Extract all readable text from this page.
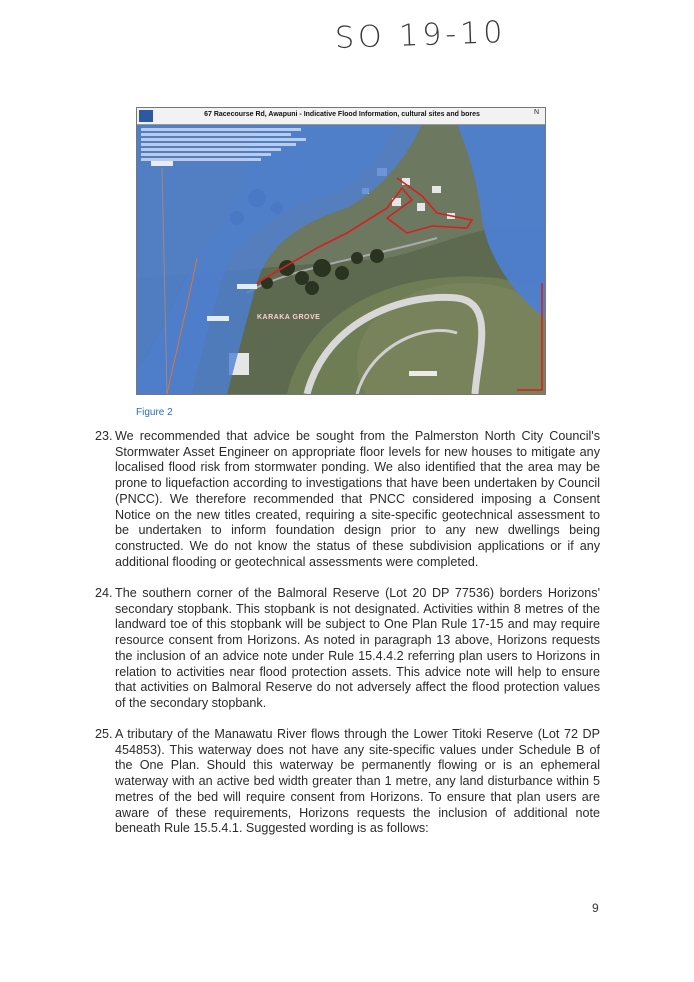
SO 19-10
67 Racecourse Rd, Awapuni - Indicative Flood Information, cultural sites and bores	N
KARAKA GROVE
Figure 2
23. We recommended that advice be sought from the Palmerston North City Council's Stormwater Asset Engineer on appropriate floor levels for new houses to mitigate any localised flood risk from stormwater ponding. We also identified that the area may be prone to liquefaction according to investigations that have been undertaken by Council (PNCC). We therefore recommended that PNCC considered imposing a Consent Notice on the new titles created, requiring a site-specific geotechnical assessment to be undertaken to inform foundation design prior to any new dwellings being constructed. We do not know the status of these subdivision applications or if any additional flooding or geotechnical assessments were completed.
24. The southern corner of the Balmoral Reserve (Lot 20 DP 77536) borders Horizons' secondary stopbank. This stopbank is not designated. Activities within 8 metres of the landward toe of this stopbank will be subject to One Plan Rule 17-15 and may require resource consent from Horizons. As noted in paragraph 13 above, Horizons requests the inclusion of an advice note under Rule 15.4.4.2 referring plan users to Horizons in relation to activities near flood protection assets. This advice note will help to ensure that activities on Balmoral Reserve do not adversely affect the flood protection values of the secondary stopbank.
25. A tributary of the Manawatu River flows through the Lower Titoki Reserve (Lot 72 DP 454853). This waterway does not have any site-specific values under Schedule B of the One Plan. Should this waterway be permanently flowing or is an ephemeral waterway with an active bed width greater than 1 metre, any land disturbance within 5 metres of the bed will require consent from Horizons. To ensure that plan users are aware of these requirements, Horizons requests the inclusion of additional note beneath Rule 15.5.4.1. Suggested wording is as follows:
9
